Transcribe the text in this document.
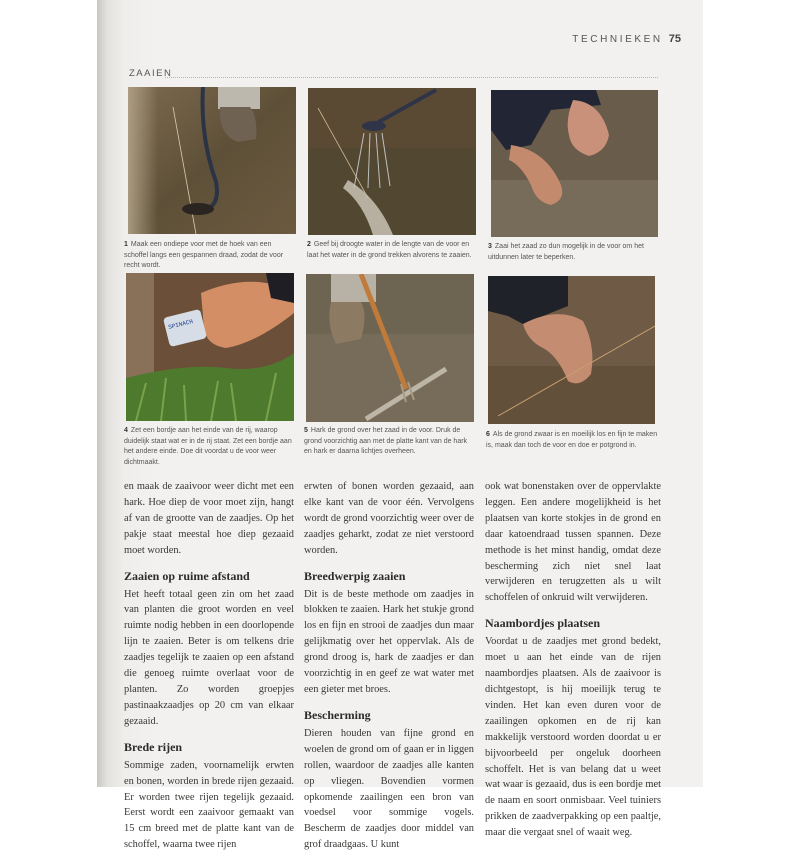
TECHNIEKEN 75
ZAAIEN
1 Maak een ondiepe voor met de hoek van een schoffel langs een gespannen draad, zodat de voor recht wordt.
2 Geef bij droogte water in de lengte van de voor en laat het water in de grond trekken alvorens te zaaien.
3 Zaai het zaad zo dun mogelijk in de voor om het uitdunnen later te beperken.
SPINACH
4 Zet een bordje aan het einde van de rij, waarop duidelijk staat wat er in de rij staat. Zet een bordje aan het andere einde. Doe dit voordat u de voor weer dichtmaakt.
5 Hark de grond over het zaad in de voor. Druk de grond voorzichtig aan met de platte kant van de hark en hark er daarna lichtjes overheen.
6 Als de grond zwaar is en moeilijk los en fijn te maken is, maak dan toch de voor en doe er potgrond in.

en maak de zaaivoor weer dicht met een hark. Hoe diep de voor moet zijn, hangt af van de grootte van de zaadjes. Op het pakje staat meestal hoe diep gezaaid moet worden.

Zaaien op ruime afstand

Het heeft totaal geen zin om het zaad van planten die groot worden en veel ruimte nodig hebben in een doorlopende lijn te zaaien. Beter is om telkens drie zaadjes tegelijk te zaaien op een afstand die genoeg ruimte overlaat voor de planten. Zo worden groepjes pastinaakzaadjes op 20 cm van elkaar gezaaid.

Brede rijen

Sommige zaden, voornamelijk erwten en bonen, worden in brede rijen gezaaid. Er worden twee rijen tegelijk gezaaid. Eerst wordt een zaaivoor gemaakt van 15 cm breed met de platte kant van de schoffel, waarna twee rijen

erwten of bonen worden gezaaid, aan elke kant van de voor één. Vervolgens wordt de grond voorzichtig weer over de zaadjes geharkt, zodat ze niet verstoord worden.

Breedwerpig zaaien

Dit is de beste methode om zaadjes in blokken te zaaien. Hark het stukje grond los en fijn en strooi de zaadjes dun maar gelijkmatig over het oppervlak. Als de grond droog is, hark de zaadjes er dan voorzichtig in en geef ze wat water met een gieter met broes.

Bescherming

Dieren houden van fijne grond en woelen de grond om of gaan er in liggen rollen, waardoor de zaadjes alle kanten op vliegen. Bovendien vormen opkomende zaailingen een bron van voedsel voor sommige vogels. Bescherm de zaadjes door middel van grof draadgaas. U kunt

ook wat bonenstaken over de oppervlakte leggen. Een andere mogelijkheid is het plaatsen van korte stokjes in de grond en daar katoendraad tussen spannen. Deze methode is het minst handig, omdat deze bescherming zich niet snel laat verwijderen en terugzetten als u wilt schoffelen of onkruid wilt verwijderen.

Naambordjes plaatsen

Voordat u de zaadjes met grond bedekt, moet u aan het einde van de rijen naambordjes plaatsen. Als de zaaivoor is dichtgestopt, is hij moeilijk terug te vinden. Het kan even duren voor de zaailingen opkomen en de rij kan makkelijk verstoord worden doordat u er bijvoorbeeld per ongeluk doorheen schoffelt. Het is van belang dat u weet wat waar is gezaaid, dus is een bordje met de naam en soort onmisbaar. Veel tuiniers prikken de zaadverpakking op een paaltje, maar die vergaat snel of waait weg.
